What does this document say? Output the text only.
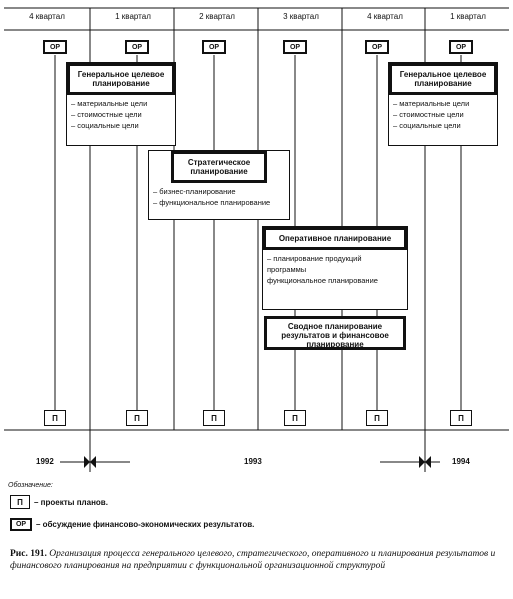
4 квартал	1 квартал	2 квартал	3 квартал	4 квартал	1 квартал
ОР	ОР	ОР	ОР	ОР	ОР
Генеральное целевое планирование
– материальные цели
– стоимостные цели
– социальные цели
Стратегическое планирование
– бизнес-планирование
– функциональное планирование
Оперативное планирование
– планирование продукций
программы
функциональное планирование
Сводное планирование результатов и финансовое планирование
Генеральное целевое планирование
– материальные цели
– стоимостные цели
– социальные цели
П	П	П	П	П	П
1992	1993	1994
Обозначение:
П	– проекты планов.
ОР	– обсуждение финансово-экономических результатов.
Рис. 191. Организация процесса генерального целевого, стратегического, оперативного и планирования результатов и финансового планирования на предприятии с функциональной организационной структурой
